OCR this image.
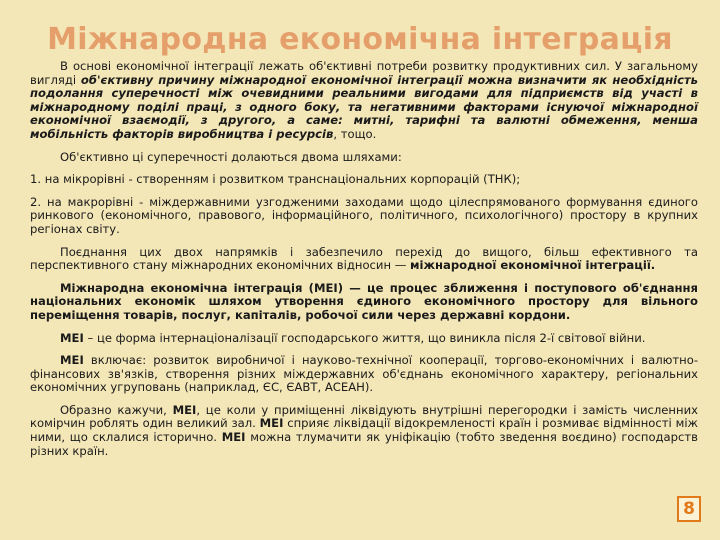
Міжнародна економічна інтеграція

В основі економічної інтеграції лежать об'єктивні потреби розвитку продуктивних сил. У загальному вигляді об'єктивну причину міжнародної економічної інтеграції можна визначити як необхідність подолання суперечності між очевидними реальними вигодами для підприємств від участі в міжнародному поділі праці, з одного боку, та негативними факторами існуючої міжнародної економічної взаємодії, з другого, а саме: митні, тарифні та валютні обмеження, менша мобільність факторів виробництва і ресурсів, тощо.

Об'єктивно ці суперечності долаються двома шляхами:

1. на мікрорівні - створенням і розвитком транснаціональних корпорацій (ТНК);

2. на макрорівні - міждержавними узгодженими заходами щодо цілеспрямованого формування єдиного ринкового (економічного, правового, інформаційного, політичного, психологічного) простору в крупних регіонах світу.

Поєднання цих двох напрямків і забезпечило перехід до вищого, більш ефективного та перспективного стану міжнародних економічних відносин — міжнародної економічної інтеграції.

Міжнародна економічна інтеграція (МЕІ) — це процес зближення і поступового об'єднання національних економік шляхом утворення єдиного економічного простору для вільного переміщення товарів, послуг, капіталів, робочої сили через державні кордони.

МЕІ – це форма інтернаціоналізації господарського життя, що виникла після 2-ї світової війни.

МЕІ включає: розвиток виробничої і науково-технічної кооперації, торгово-економічних і валютно-фінансових зв'язків, створення різних міждержавних об'єднань економічного характеру, регіональних економічних угруповань (наприклад, ЄС, ЄАВТ, АСЕАН).

Образно кажучи, МЕІ, це коли у приміщенні ліквідують внутрішні перегородки і замість численних комірчин роблять один великий зал. МЕІ сприяє ліквідації відокремленості країн і розмиває відмінності між ними, що склалися історично. МЕІ можна тлумачити як уніфікацію (тобто зведення воєдино) господарств різних країн.

8
